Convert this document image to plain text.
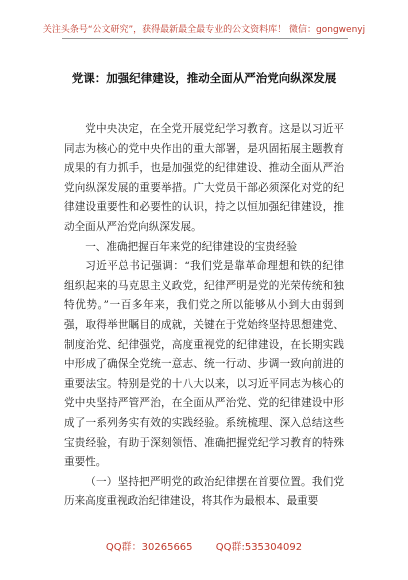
关注头条号“公文研究”，获得最新最全最专业的公文资料库！ 微信：gongwenyj
党课：加强纪律建设，推动全面从严治党向纵深发展

党中央决定，在全党开展党纪学习教育。这是以习近平同志为核心的党中央作出的重大部署，是巩固拓展主题教育成果的有力抓手，也是加强党的纪律建设、推动全面从严治党向纵深发展的重要举措。广大党员干部必须深化对党的纪律建设重要性和必要性的认识，持之以恒加强纪律建设，推动全面从严治党向纵深发展。

一、准确把握百年来党的纪律建设的宝贵经验

习近平总书记强调：“我们党是靠革命理想和铁的纪律组织起来的马克思主义政党，纪律严明是党的光荣传统和独特优势。”一百多年来，我们党之所以能够从小到大由弱到强，取得举世瞩目的成就，关键在于党始终坚持思想建党、制度治党、纪律强党，高度重视党的纪律建设，在长期实践中形成了确保全党统一意志、统一行动、步调一致向前进的重要法宝。特别是党的十八大以来，以习近平同志为核心的党中央坚持严管严治，在全面从严治党、党的纪律建设中形成了一系列务实有效的实践经验。系统梳理、深入总结这些宝贵经验，有助于深刻领悟、准确把握党纪学习教育的特殊重要性。

（一）坚持把严明党的政治纪律摆在首要位置。我们党历来高度重视政治纪律建设，将其作为最根本、最重要

QQ群：30265665 QQ群:535304092
